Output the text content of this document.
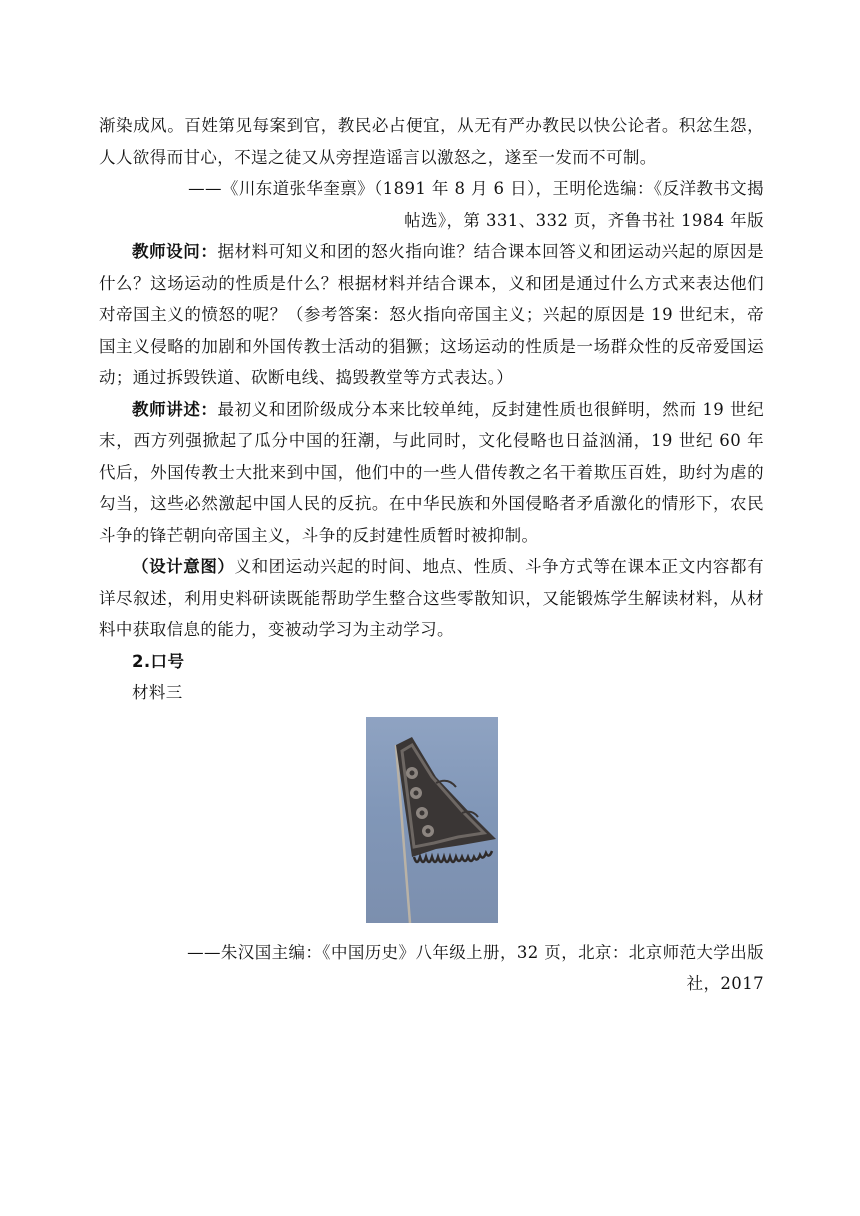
渐染成风。百姓第见每案到官，教民必占便宜，从无有严办教民以快公论者。积忿生怨，人人欲得而甘心，不逞之徒又从旁捏造谣言以激怒之，遂至一发而不可制。

——《川东道张华奎禀》（1891 年 8 月 6 日），王明伦选编：《反洋教书文揭

帖选》，第 331、332 页，齐鲁书社 1984 年版

教师设问：据材料可知义和团的怒火指向谁？结合课本回答义和团运动兴起的原因是什么？这场运动的性质是什么？根据材料并结合课本，义和团是通过什么方式来表达他们对帝国主义的愤怒的呢？（参考答案：怒火指向帝国主义；兴起的原因是 19 世纪末，帝国主义侵略的加剧和外国传教士活动的猖獗；这场运动的性质是一场群众性的反帝爱国运动；通过拆毁铁道、砍断电线、捣毁教堂等方式表达。）

教师讲述：最初义和团阶级成分本来比较单纯，反封建性质也很鲜明，然而 19 世纪末，西方列强掀起了瓜分中国的狂潮，与此同时，文化侵略也日益汹涌，19 世纪 60 年代后，外国传教士大批来到中国，他们中的一些人借传教之名干着欺压百姓，助纣为虐的勾当，这些必然激起中国人民的反抗。在中华民族和外国侵略者矛盾激化的情形下，农民斗争的锋芒朝向帝国主义，斗争的反封建性质暂时被抑制。

（设计意图）义和团运动兴起的时间、地点、性质、斗争方式等在课本正文内容都有详尽叙述，利用史料研读既能帮助学生整合这些零散知识，又能锻炼学生解读材料，从材料中获取信息的能力，变被动学习为主动学习。

2.口号

材料三

——朱汉国主编：《中国历史》八年级上册，32 页，北京：北京师范大学出版

社，2017
